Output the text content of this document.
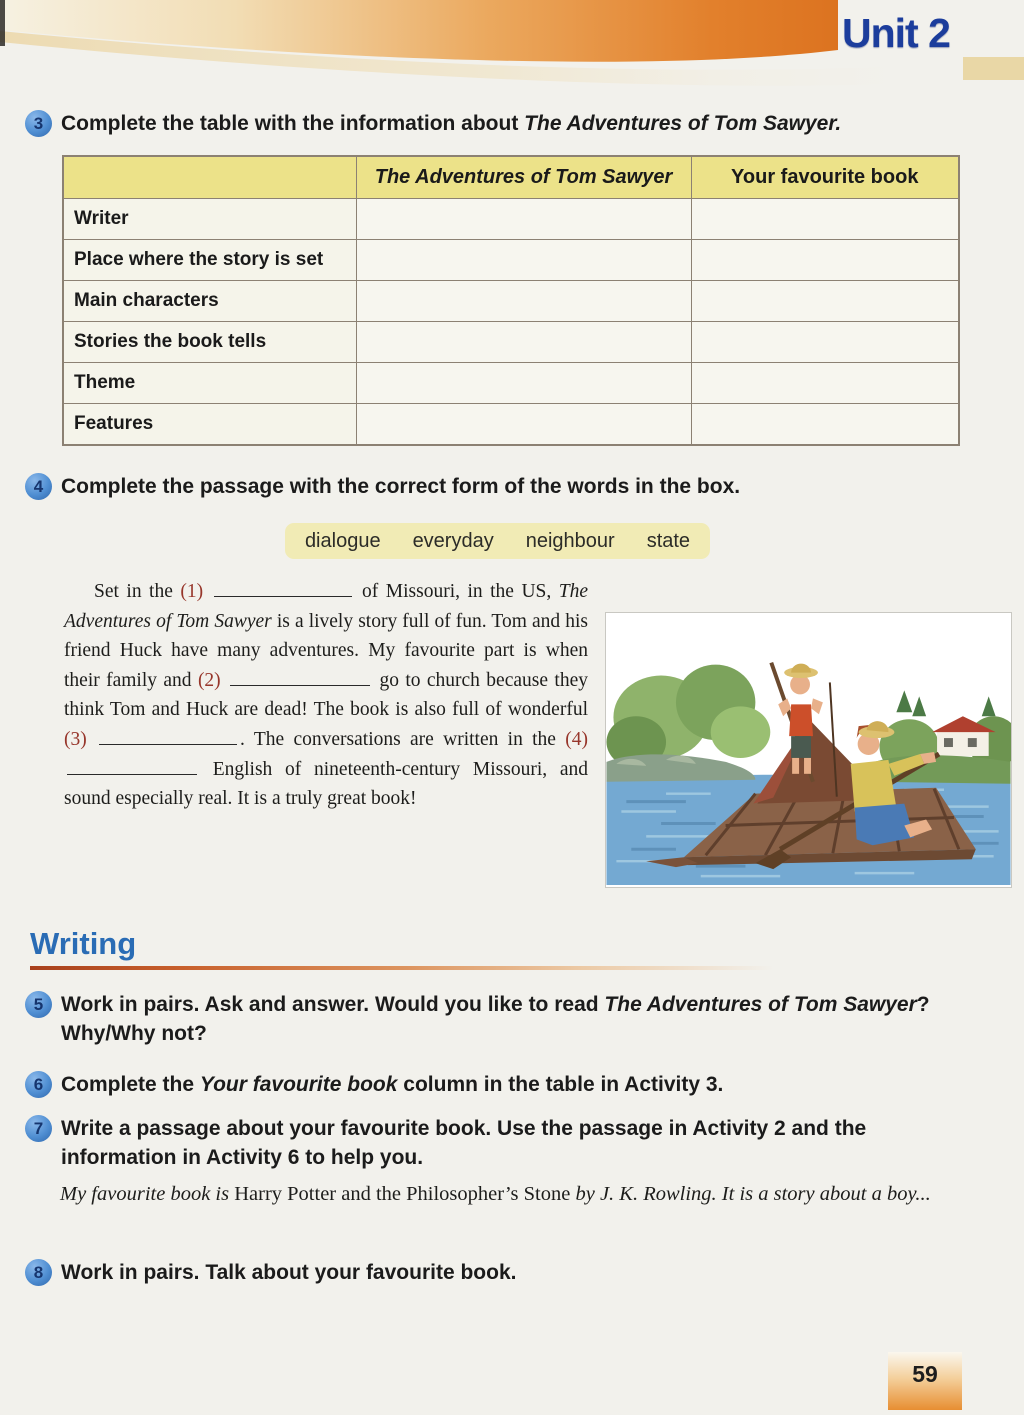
Unit 2
3 Complete the table with the information about The Adventures of Tom Sawyer.
	The Adventures of Tom Sawyer	Your favourite book
Writer		
Place where the story is set		
Main characters		
Stories the book tells		
Theme		
Features		
4 Complete the passage with the correct form of the words in the box.
dialogue everyday neighbour state
Set in the (1)	of Missouri, in the US, The Adventures of Tom Sawyer is a lively story full of fun. Tom and his friend Huck have many adventures. My favourite part is when their family and (2)	go to church because they think Tom and Huck are dead! The book is also full of wonderful (3)	. The conversations are written in the (4)  English of nineteenth-century Missouri, and sound especially real. It is a truly great book!
Writing
5 Work in pairs. Ask and answer. Would you like to read The Adventures of Tom Sawyer? Why/Why not?
6 Complete the Your favourite book column in the table in Activity 3.
7 Write a passage about your favourite book. Use the passage in Activity 2 and the information in Activity 6 to help you.
My favourite book is Harry Potter and the Philosopher’s Stone by J. K. Rowling. It is a story about a boy...
8 Work in pairs. Talk about your favourite book.
59
